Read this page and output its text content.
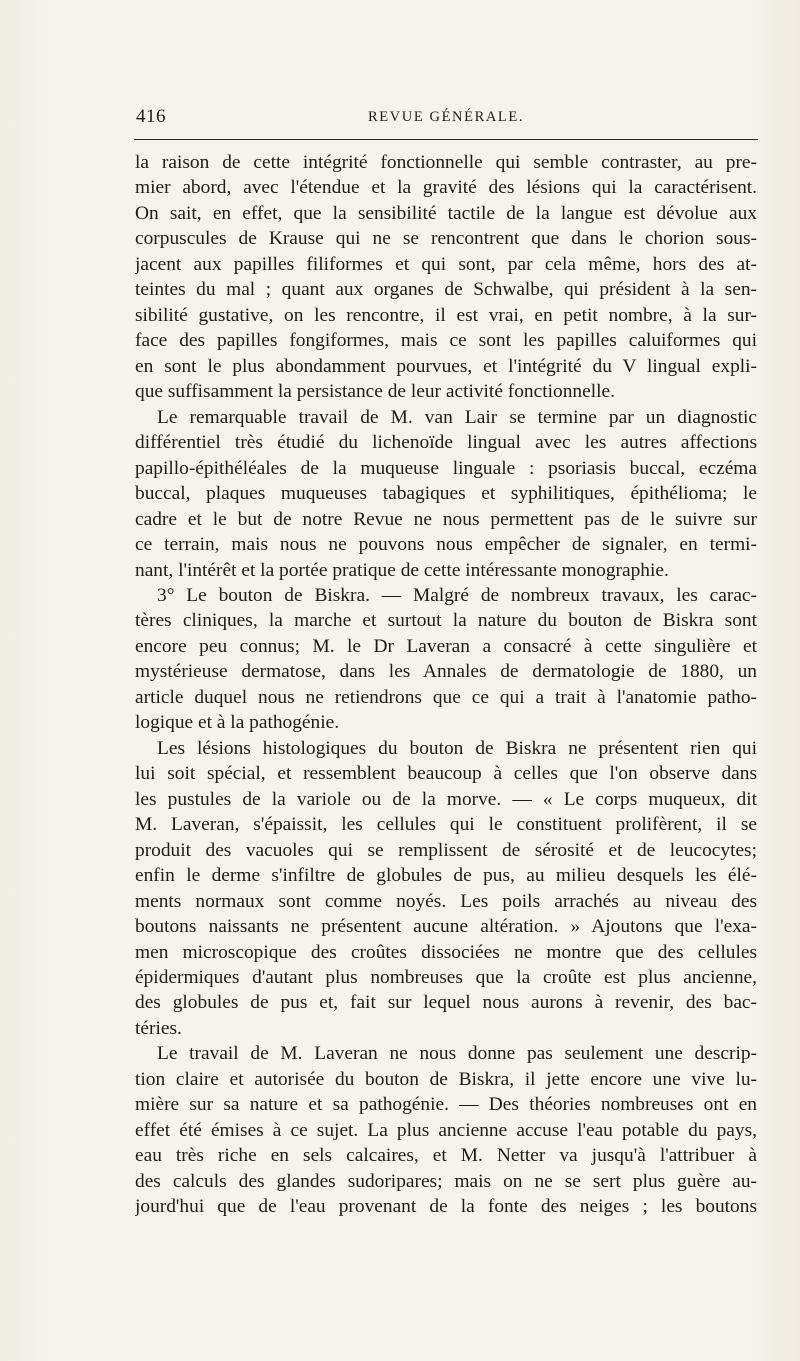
416	REVUE GÉNÉRALE.
la raison de cette intégrité fonctionnelle qui semble contraster, au pre-
mier abord, avec l'étendue et la gravité des lésions qui la caractérisent.
On sait, en effet, que la sensibilité tactile de la langue est dévolue aux
corpuscules de Krause qui ne se rencontrent que dans le chorion sous-
jacent aux papilles filiformes et qui sont, par cela même, hors des at-
teintes du mal ; quant aux organes de Schwalbe, qui président à la sen-
sibilité gustative, on les rencontre, il est vrai, en petit nombre, à la sur-
face des papilles fongiformes, mais ce sont les papilles caluiformes qui
en sont le plus abondamment pourvues, et l'intégrité du V lingual expli-
que suffisamment la persistance de leur activité fonctionnelle.
Le remarquable travail de M. van Lair se termine par un diagnostic
différentiel très étudié du lichenoïde lingual avec les autres affections
papillo-épithéléales de la muqueuse linguale : psoriasis buccal, eczéma
buccal, plaques muqueuses tabagiques et syphilitiques, épithélioma; le
cadre et le but de notre Revue ne nous permettent pas de le suivre sur
ce terrain, mais nous ne pouvons nous empêcher de signaler, en termi-
nant, l'intérêt et la portée pratique de cette intéressante monographie.
3° Le bouton de Biskra. — Malgré de nombreux travaux, les carac-
tères cliniques, la marche et surtout la nature du bouton de Biskra sont
encore peu connus; M. le Dr Laveran a consacré à cette singulière et
mystérieuse dermatose, dans les Annales de dermatologie de 1880, un
article duquel nous ne retiendrons que ce qui a trait à l'anatomie patho-
logique et à la pathogénie.
Les lésions histologiques du bouton de Biskra ne présentent rien qui
lui soit spécial, et ressemblent beaucoup à celles que l'on observe dans
les pustules de la variole ou de la morve. — « Le corps muqueux, dit
M. Laveran, s'épaissit, les cellules qui le constituent prolifèrent, il se
produit des vacuoles qui se remplissent de sérosité et de leucocytes;
enfin le derme s'infiltre de globules de pus, au milieu desquels les élé-
ments normaux sont comme noyés. Les poils arrachés au niveau des
boutons naissants ne présentent aucune altération. » Ajoutons que l'exa-
men microscopique des croûtes dissociées ne montre que des cellules
épidermiques d'autant plus nombreuses que la croûte est plus ancienne,
des globules de pus et, fait sur lequel nous aurons à revenir, des bac-
téries.
Le travail de M. Laveran ne nous donne pas seulement une descrip-
tion claire et autorisée du bouton de Biskra, il jette encore une vive lu-
mière sur sa nature et sa pathogénie. — Des théories nombreuses ont en
effet été émises à ce sujet. La plus ancienne accuse l'eau potable du pays,
eau très riche en sels calcaires, et M. Netter va jusqu'à l'attribuer à
des calculs des glandes sudoripares; mais on ne se sert plus guère au-
jourd'hui que de l'eau provenant de la fonte des neiges ; les boutons
